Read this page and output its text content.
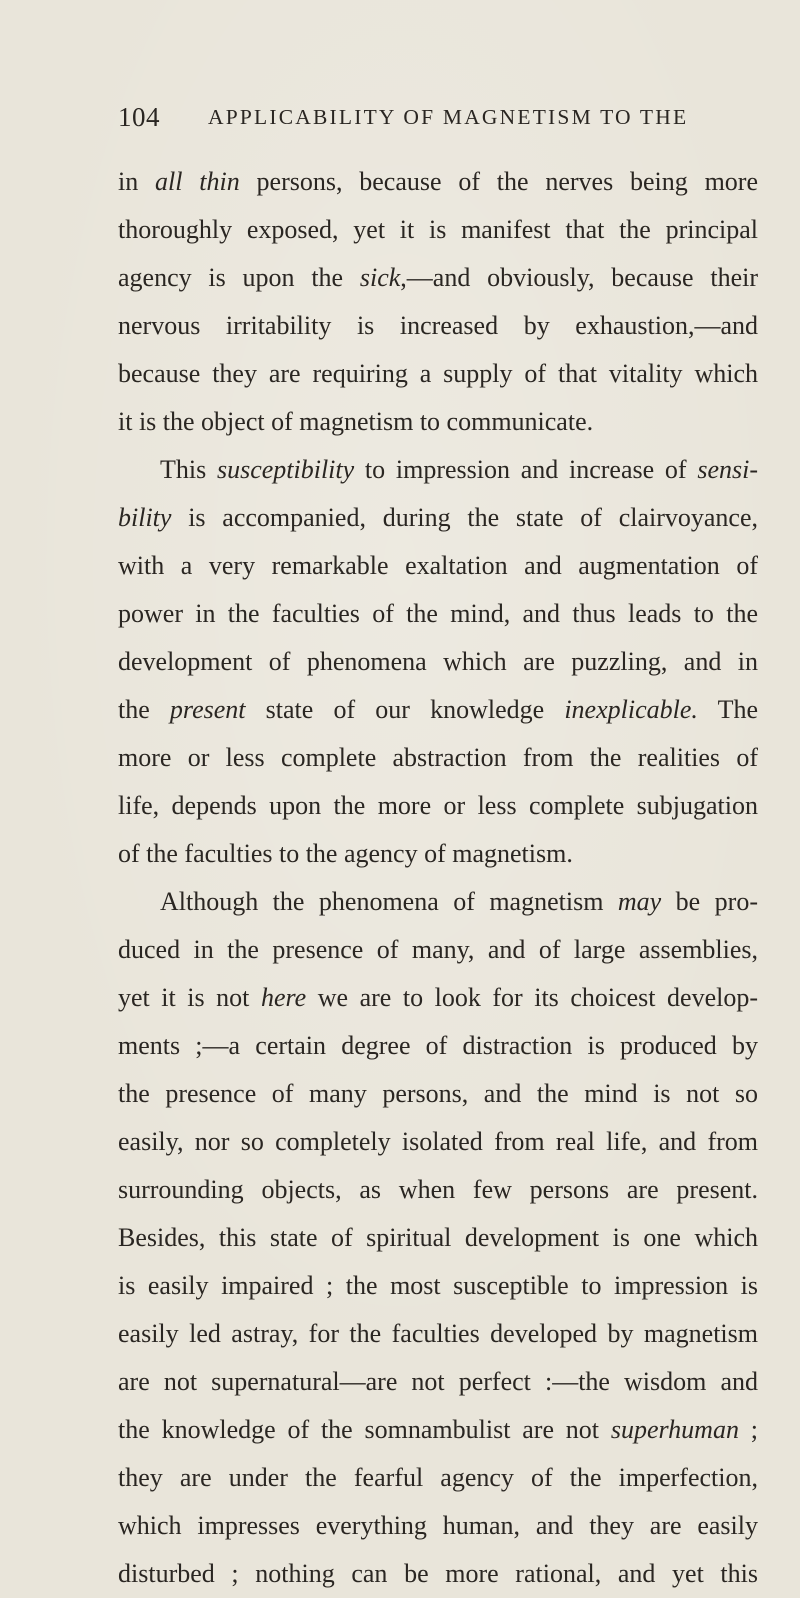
104 APPLICABILITY OF MAGNETISM TO THE
in all thin persons, because of the nerves being more
thoroughly exposed, yet it is manifest that the principal
agency is upon the sick,—and obviously, because their
nervous irritability is increased by exhaustion,—and
because they are requiring a supply of that vitality which
it is the object of magnetism to communicate.
This susceptibility to impression and increase of sensi-
bility is accompanied, during the state of clairvoyance,
with a very remarkable exaltation and augmentation of
power in the faculties of the mind, and thus leads to the
development of phenomena which are puzzling, and in
the present state of our knowledge inexplicable. The
more or less complete abstraction from the realities of
life, depends upon the more or less complete subjugation
of the faculties to the agency of magnetism.
Although the phenomena of magnetism may be pro-
duced in the presence of many, and of large assemblies,
yet it is not here we are to look for its choicest develop-
ments ;—a certain degree of distraction is produced by
the presence of many persons, and the mind is not so
easily, nor so completely isolated from real life, and from
surrounding objects, as when few persons are present.
Besides, this state of spiritual development is one which
is easily impaired ; the most susceptible to impression is
easily led astray, for the faculties developed by magnetism
are not supernatural—are not perfect :—the wisdom and
the knowledge of the somnambulist are not superhuman ;
they are under the fearful agency of the imperfection,
which impresses everything human, and they are easily
disturbed ; nothing can be more rational, and yet this
